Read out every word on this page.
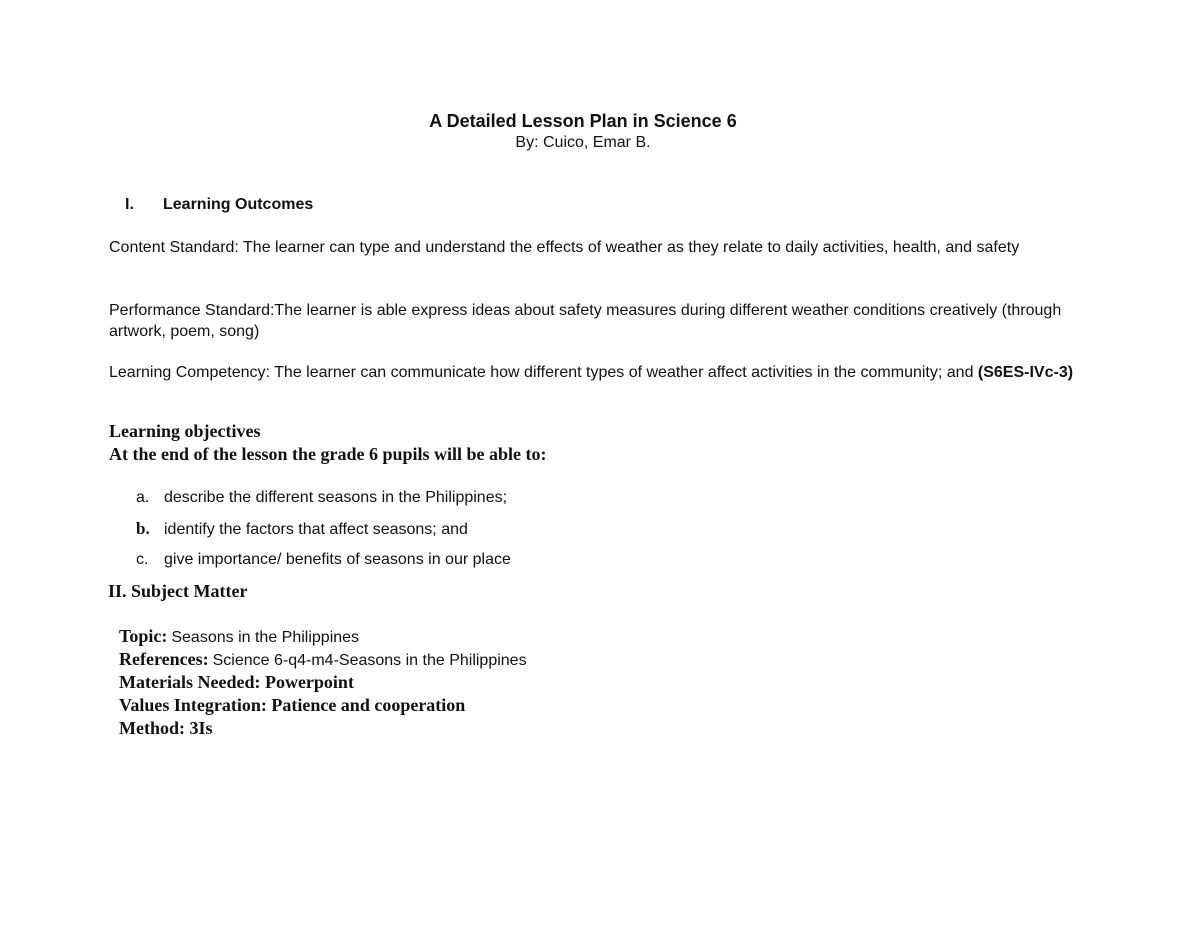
A Detailed Lesson Plan in Science 6
By: Cuico, Emar B.
I. Learning Outcomes
Content Standard: The learner can type and understand the effects of weather as they relate to daily activities, health, and safety
Performance Standard:The learner is able express ideas about safety measures during different weather conditions creatively (through artwork, poem, song)
Learning Competency: The learner can communicate how different types of weather affect activities in the community; and (S6ES-IVc-3)
Learning objectives
At the end of the lesson the grade 6 pupils will be able to:
a. describe the different seasons in the Philippines;
b. identify the factors that affect seasons; and
c. give importance/ benefits of seasons in our place
II. Subject Matter
Topic: Seasons in the Philippines
References: Science 6-q4-m4-Seasons in the Philippines
Materials Needed: Powerpoint
Values Integration: Patience and cooperation
Method: 3Is
